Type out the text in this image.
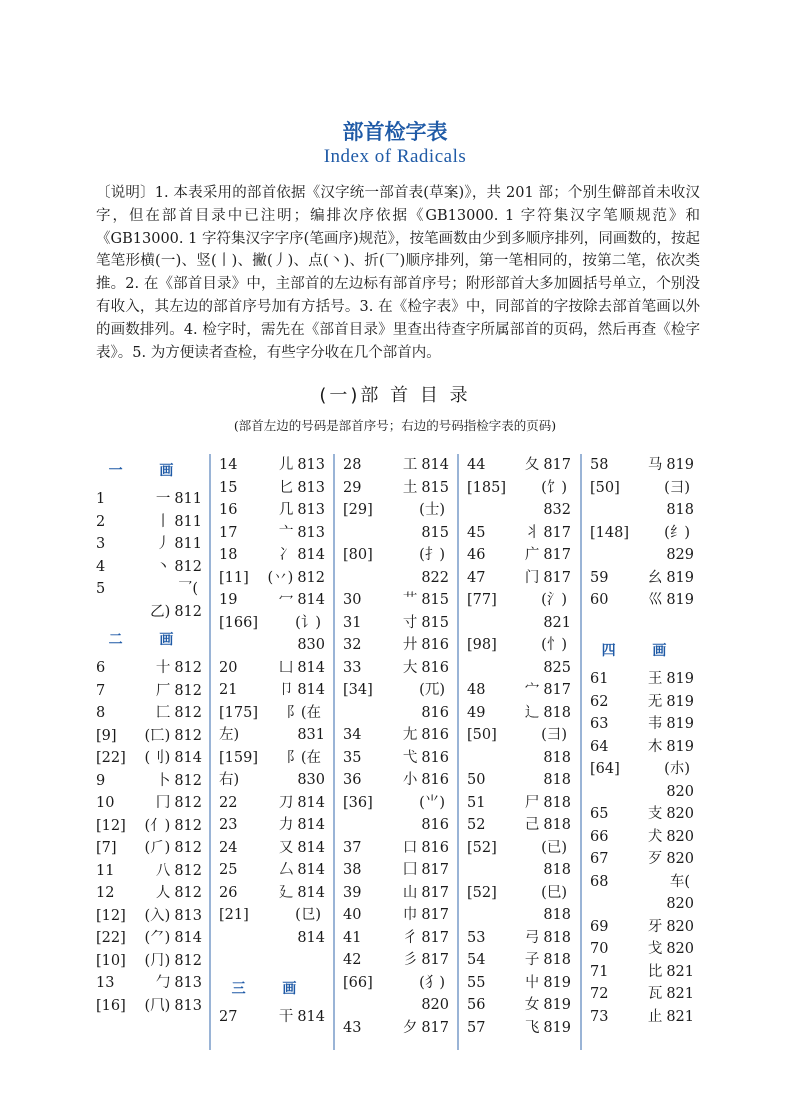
部首检字表
Index of Radicals
〔说明〕1. 本表采用的部首依据《汉字统一部首表(草案)》，共 201 部；个别生僻部首未收汉字，但在部首目录中已注明；编排次序依据《GB13000. 1 字符集汉字笔顺规范》和《GB13000. 1 字符集汉字字序(笔画序)规范》，按笔画数由少到多顺序排列，同画数的，按起笔笔形横(一)、竖(丨)、撇(丿)、点(丶)、折(乛)顺序排列，第一笔相同的，按第二笔，依次类推。2. 在《部首目录》中，主部首的左边标有部首序号；附形部首大多加圆括号单立，个别没有收入，其左边的部首序号加有方括号。3. 在《检字表》中，同部首的字按除去部首笔画以外的画数排列。4. 检字时，需先在《部首目录》里查出待查字所属部首的页码，然后再查《检字表》。5. 为方便读者查检，有些字分收在几个部首内。
(一)部 首 目 录
(部首左边的号码是部首序号；右边的号码指检字表的页码)
一 画
1	一 811
2	丨 811
3	丿 811
4	丶 812
5	乛(
乙) 812
二 画
6	十 812
7	厂 812
8	匚 812
[9]	(匸) 812
[22]	(刂) 814
9	卜 812
10	冂 812
[12]	(亻) 812
[7]	(⺁) 812
11	八 812
12	人 812
[12]	(入) 813
[22]	(⺈) 814
[10]	(⺆) 812
13	勹 813
[16]	(⺇) 813
14	儿 813
15	匕 813
16	几 813
17	亠 813
18	冫 814
[11]	(丷) 812
19	冖 814
[166]	(讠)
830
20	凵 814
21	卩 814
[175]	阝(在
左)	831
[159]	阝(在
右)	830
22	刀 814
23	力 814
24	又 814
25	厶 814
26	廴 814
[21]	(㔾)
814
三 画
27	干 814
28	工 814
29	土 815
[29]	(士)
815
[80]	(扌)
822
30	艹 815
31	寸 815
32	廾 816
33	大 816
[34]	(兀)
816
34	尢 816
35	弋 816
36	小 816
[36]	(⺌)
816
37	口 816
38	囗 817
39	山 817
40	巾 817
41	彳 817
42	彡 817
[66]	(犭)
820
43	夕 817
44	夂 817
[185]	(饣)
832
45	丬 817
46	广 817
47	门 817
[77]	(氵)
821
[98]	(忄)
825
48	宀 817
49	辶 818
[50]	(彐)
818
50	818
51	尸 818
52	己 818
[52]	(已)
818
[52]	(巳)
818
53	弓 818
54	子 818
55	屮 819
56	女 819
57	飞 819
58	马 819
[50]	(⺕)
818
[148]	(纟)
829
59	幺 819
60	巛 819
四 画
61	王 819
62	无 819
63	韦 819
64	木 819
[64]	(朩)
820
65	支 820
66	犬 820
67	歹 820
68	车(
820
69	牙 820
70	戈 820
71	比 821
72	瓦 821
73	止 821
